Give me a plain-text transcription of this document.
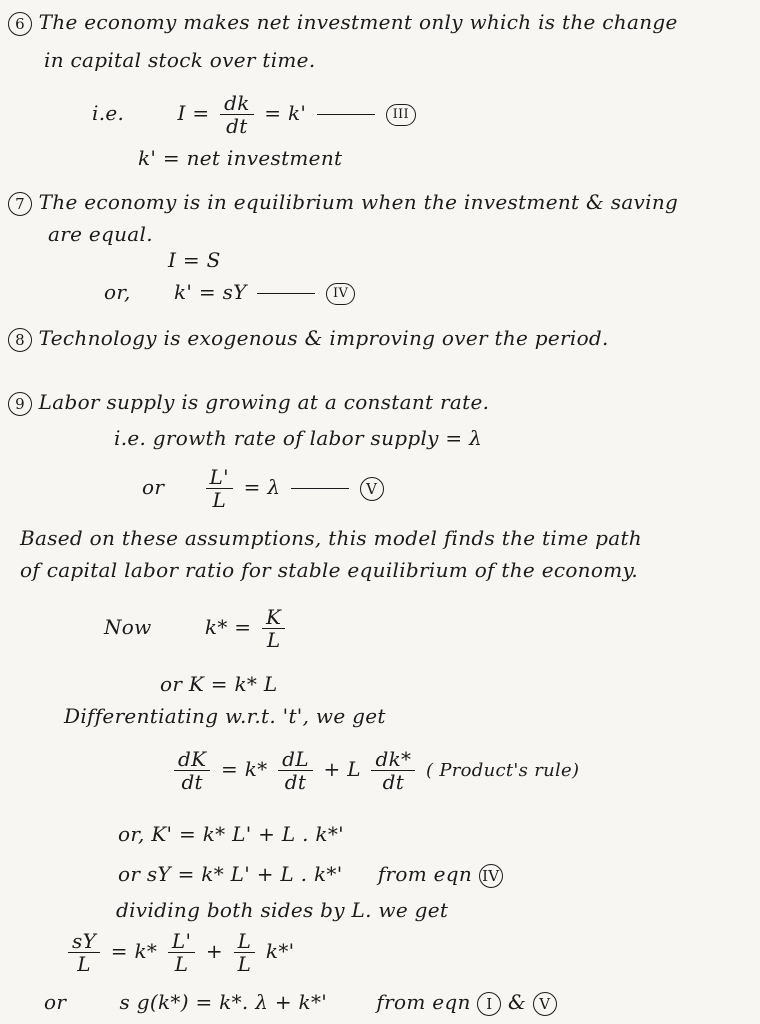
6 The economy makes net investment only which is the change
in capital stock over time.
i.e.	$I = \frac{dk}{dt} = k'$	III
k' = net investment
7 The economy is in equilibrium when the investment & saving
are equal.
I = S
or, k' = sY	IV
8 Technology is exogenous & improving over the period.
9 Labor supply is growing at a constant rate.
i.e. growth rate of labor supply = λ
or $\frac{L'}{L} = \lambda$	V
Based on these assumptions, this model finds the time path
of capital labor ratio for stable equilibrium of the economy.
Now	$k* = \frac{K}{L}$
or K = k* L
Differentiating w.r.t. 't', we get
$\frac{dK}{dt} = k* \frac{dL}{dt} + L \frac{dk*}{dt}$ ( Product's rule)
or, K' = k* L' + L . k*'
or sY = k* L' + L . k*' from eqn IV
dividing both sides by L. we get
$\frac{sY}{L} = k* \frac{L'}{L} + \frac{L}{L} k*'$
or	s g(k*) = k*. λ + k*' from eqn I & V
